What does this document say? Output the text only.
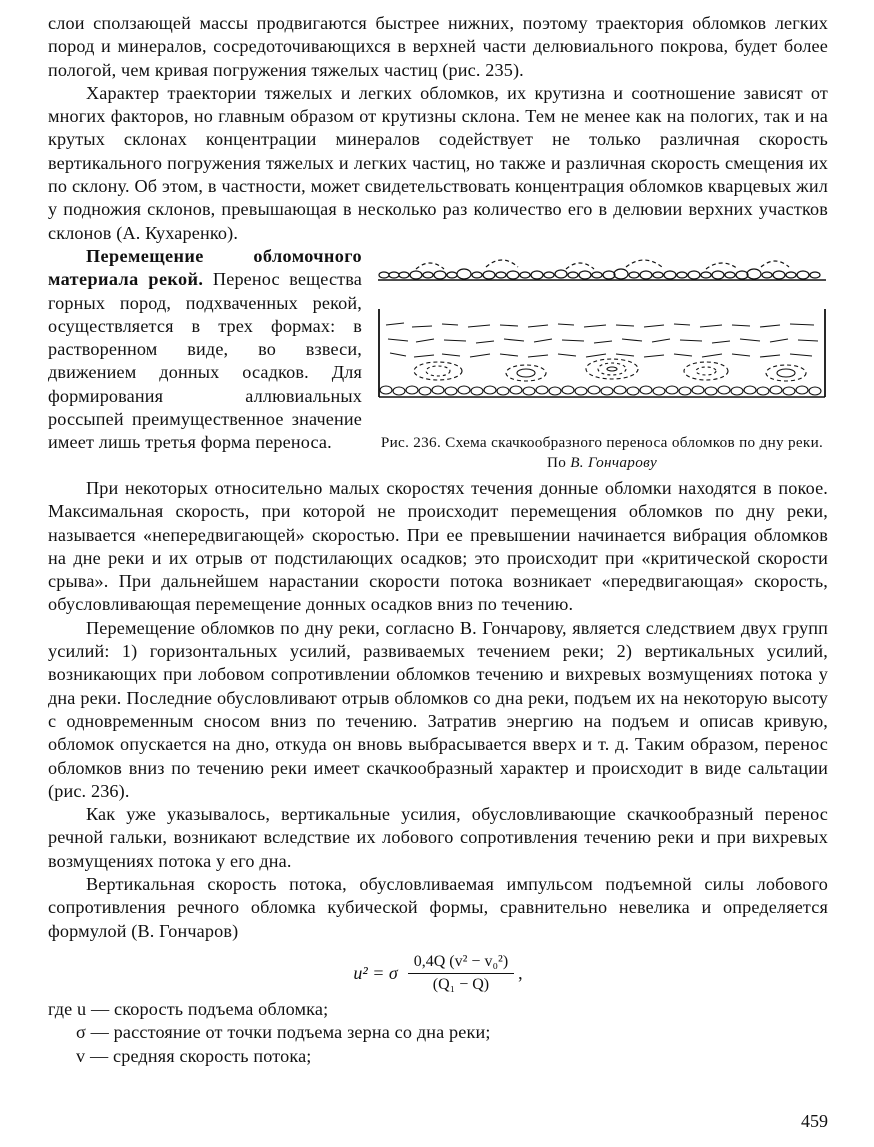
слои сползающей массы продвигаются быстрее нижних, поэтому траектория обломков легких пород и минералов, сосредоточивающихся в верхней части делювиального покрова, будет более пологой, чем кривая погружения тяжелых частиц (рис. 235).

Характер траектории тяжелых и легких обломков, их крутизна и соотношение зависят от многих факторов, но главным образом от крутизны склона. Тем не менее как на пологих, так и на крутых склонах концентрации минералов содействует не только различная скорость вертикального погружения тяжелых и легких частиц, но также и различная скорость смещения их по склону. Об этом, в частности, может свидетельствовать концентрация обломков кварцевых жил у подножия склонов, превышающая в несколько раз количество его в делювии верхних участков склонов (А. Кухаренко).

Рис. 236. Схема скачкообразного переноса обломков по дну реки. По В. Гончарову

Перемещение обломочного материала рекой. Перенос вещества горных пород, подхваченных рекой, осуществляется в трех формах: в растворенном виде, во взвеси, движением донных осадков. Для формирования аллювиальных россыпей преимущественное значение имеет лишь третья форма переноса.

При некоторых относительно малых скоростях течения донные обломки находятся в покое. Максимальная скорость, при которой не происходит перемещения обломков по дну реки, называется «непередвигающей» скоростью. При ее превышении начинается вибрация обломков на дне реки и их отрыв от подстилающих осадков; это происходит при «критической скорости срыва». При дальнейшем нарастании скорости потока возникает «передвигающая» скорость, обусловливающая перемещение донных осадков вниз по течению.

Перемещение обломков по дну реки, согласно В. Гончарову, является следствием двух групп усилий: 1) горизонтальных усилий, развиваемых течением реки; 2) вертикальных усилий, возникающих при лобовом сопротивлении обломков течению и вихревых возмущениях потока у дна реки. Последние обусловливают отрыв обломков со дна реки, подъем их на некоторую высоту с одновременным сносом вниз по течению. Затратив энергию на подъем и описав кривую, обломок опускается на дно, откуда он вновь выбрасывается вверх и т. д. Таким образом, перенос обломков вниз по течению реки имеет скачкообразный характер и происходит в виде сальтации (рис. 236).

Как уже указывалось, вертикальные усилия, обусловливающие скачкообразный перенос речной гальки, возникают вследствие их лобового сопротивления течению реки и при вихревых возмущениях потока у его дна.

Вертикальная скорость потока, обусловливаемая импульсом подъемной силы лобового сопротивления речного обломка кубической формы, сравнительно невелика и определяется формулой (В. Гончаров)

u² = σ $\frac{\text{0,4Q (v² − v₀²)}}{\text{(Q₁ − Q)}}$ ,

где u — скорость подъема обломка;

σ — расстояние от точки подъема зерна со дна реки;

v — средняя скорость потока;

459
